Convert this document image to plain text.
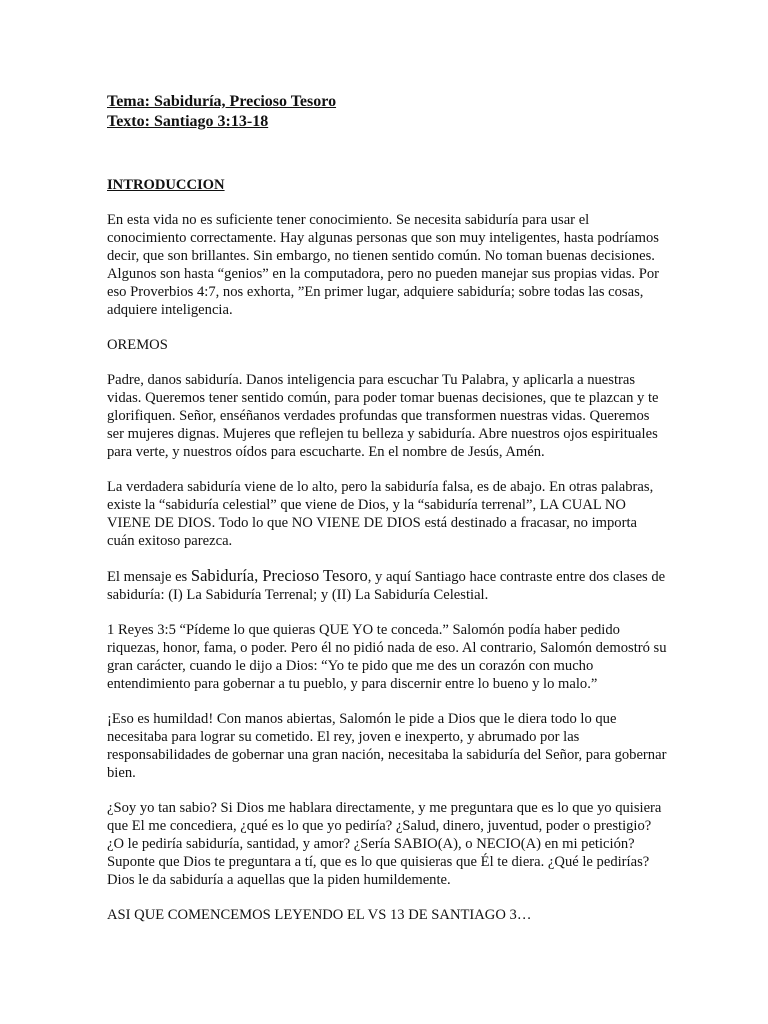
Tema: Sabiduría, Precioso Tesoro
Texto: Santiago 3:13-18
INTRODUCCION

En esta vida no es suficiente tener conocimiento. Se necesita sabiduría para usar el conocimiento correctamente. Hay algunas personas que son muy inteligentes, hasta podríamos decir, que son brillantes. Sin embargo, no tienen sentido común. No toman buenas decisiones. Algunos son hasta “genios” en la computadora, pero no pueden manejar sus propias vidas. Por eso Proverbios 4:7, nos exhorta, ”En primer lugar, adquiere sabiduría; sobre todas las cosas, adquiere inteligencia.

OREMOS

Padre, danos sabiduría. Danos inteligencia para escuchar Tu Palabra, y aplicarla a nuestras vidas. Queremos tener sentido común, para poder tomar buenas decisiones, que te plazcan y te glorifiquen. Señor, enséñanos verdades profundas que transformen nuestras vidas. Queremos ser mujeres dignas. Mujeres que reflejen tu belleza y sabiduría. Abre nuestros ojos espirituales para verte, y nuestros oídos para escucharte. En el nombre de Jesús, Amén.

La verdadera sabiduría viene de lo alto, pero la sabiduría falsa, es de abajo. En otras palabras, existe la “sabiduría celestial” que viene de Dios, y la “sabiduría terrenal”, LA CUAL NO VIENE DE DIOS. Todo lo que NO VIENE DE DIOS está destinado a fracasar, no importa cuán exitoso parezca.

El mensaje es Sabiduría, Precioso Tesoro, y aquí Santiago hace contraste entre dos clases de sabiduría: (I) La Sabiduría Terrenal; y (II) La Sabiduría Celestial.

1 Reyes 3:5 “Pídeme lo que quieras QUE YO te conceda.” Salomón podía haber pedido riquezas, honor, fama, o poder. Pero él no pidió nada de eso. Al contrario, Salomón demostró su gran carácter, cuando le dijo a Dios: “Yo te pido que me des un corazón con mucho entendimiento para gobernar a tu pueblo, y para discernir entre lo bueno y lo malo.”

¡Eso es humildad! Con manos abiertas, Salomón le pide a Dios que le diera todo lo que necesitaba para lograr su cometido. El rey, joven e inexperto, y abrumado por las responsabilidades de gobernar una gran nación, necesitaba la sabiduría del Señor, para gobernar bien.

¿Soy yo tan sabio? Si Dios me hablara directamente, y me preguntara que es lo que yo quisiera que El me concediera, ¿qué es lo que yo pediría? ¿Salud, dinero, juventud, poder o prestigio? ¿O le pediría sabiduría, santidad, y amor? ¿Sería SABIO(A), o NECIO(A) en mi petición? Suponte que Dios te preguntara a tí, que es lo que quisieras que Él te diera. ¿Qué le pedirías? Dios le da sabiduría a aquellas que la piden humildemente.

ASI QUE COMENCEMOS LEYENDO EL VS 13 DE SANTIAGO 3…
